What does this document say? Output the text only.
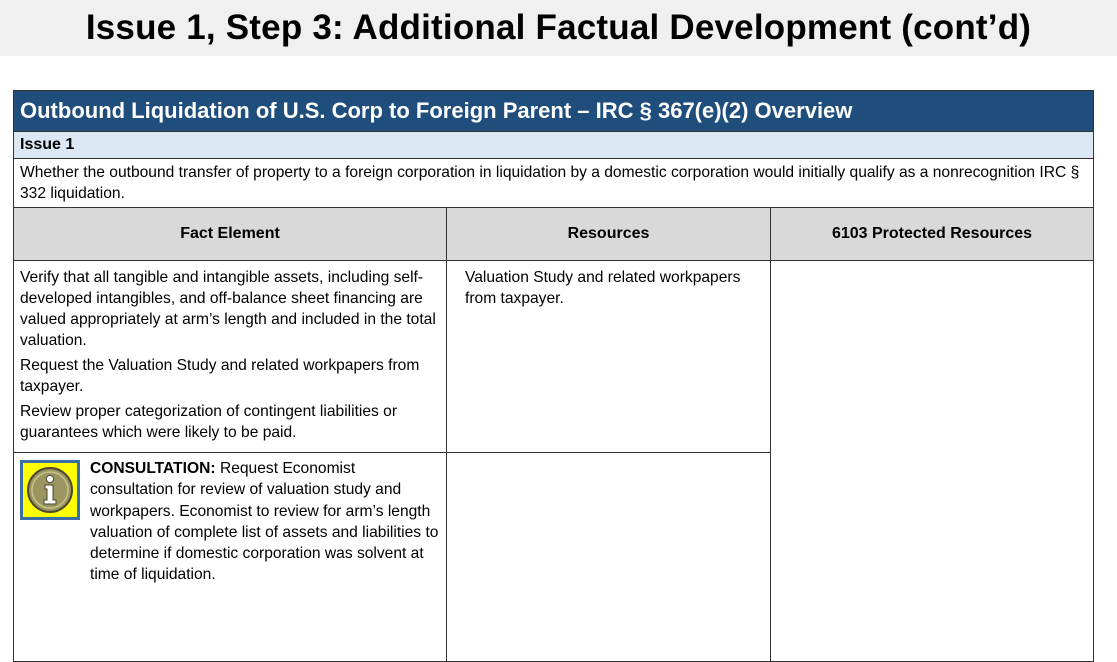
Issue 1, Step 3: Additional Factual Development (cont’d)
Outbound Liquidation of U.S. Corp to Foreign Parent – IRC § 367(e)(2) Overview
Issue 1
Whether the outbound transfer of property to a foreign corporation in liquidation by a domestic corporation would initially qualify as a nonrecognition IRC § 332 liquidation.
Fact Element	Resources	6103 Protected Resources

Verify that all tangible and intangible assets, including self-developed intangibles, and off-balance sheet financing are valued appropriately at arm’s length and included in the total valuation.

Request the Valuation Study and related workpapers from taxpayer.

Review proper categorization of contingent liabilities or guarantees which were likely to be paid.

Valuation Study and related workpapers from taxpayer.
CONSULTATION: Request Economist consultation for review of valuation study and workpapers. Economist to review for arm’s length valuation of complete list of assets and liabilities to determine if domestic corporation was solvent at time of liquidation.
